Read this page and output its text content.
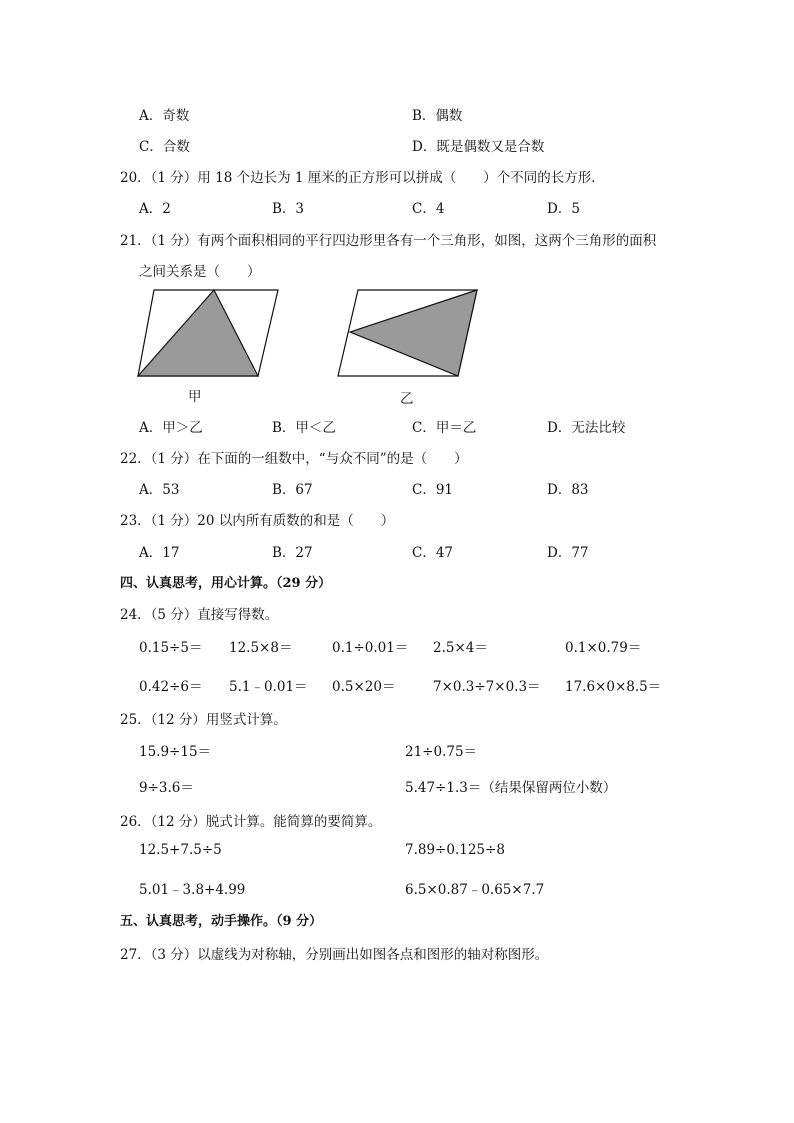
A．奇数	B．偶数
C．合数	D．既是偶数又是合数
20．（1 分）用 18 个边长为 1 厘米的正方形可以拼成（　　）个不同的长方形．
A．2	B．3	C．4	D．5
21．（1 分）有两个面积相同的平行四边形里各有一个三角形，如图，这两个三角形的面积
之间关系是（　　）
甲	乙
A．甲＞乙	B．甲＜乙	C．甲＝乙	D．无法比较
22．（1 分）在下面的一组数中，“与众不同”的是（　　）
A．53	B．67	C．91	D．83
23．（1 分）20 以内所有质数的和是（　　）
A．17	B．27	C．47	D．77
四、认真思考，用心计算。（29 分）
24．（5 分）直接写得数。
0.15÷5＝ 12.5×8＝	0.1÷0.01＝ 2.5×4＝	0.1×0.79＝
0.42÷6＝ 5.1﹣0.01＝ 0.5×20＝	7×0.3÷7×0.3＝ 17.6×0×8.5＝
25．（12 分）用竖式计算。
15.9÷15＝	21÷0.75＝
9÷3.6＝	5.47÷1.3＝（结果保留两位小数）
26．（12 分）脱式计算。能简算的要简算。
12.5+7.5÷5	7.89÷0.125÷8
5.01﹣3.8+4.99	6.5×0.87﹣0.65×7.7
五、认真思考，动手操作。（9 分）
27．（3 分）以虚线为对称轴，分别画出如图各点和图形的轴对称图形。
